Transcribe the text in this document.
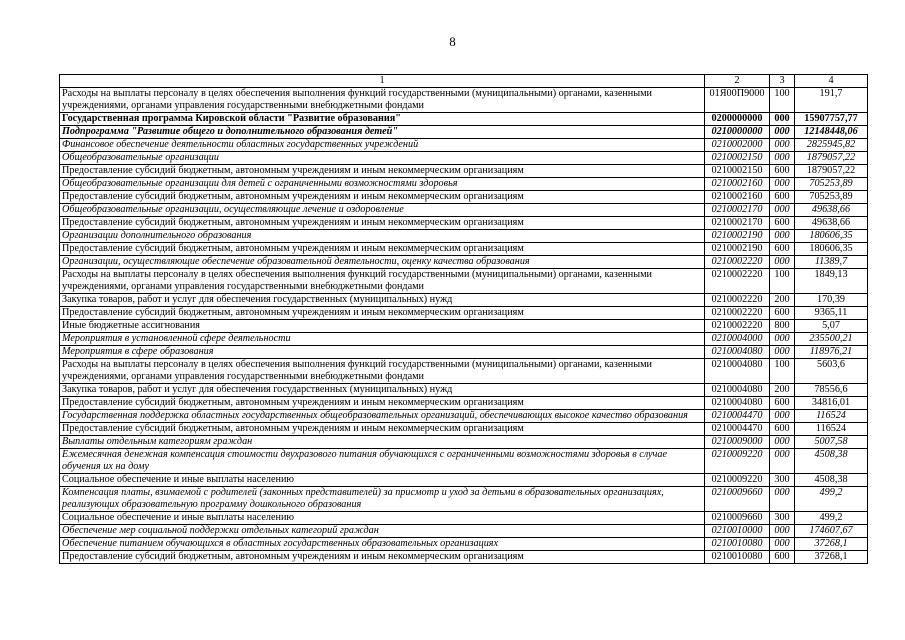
8
1	2	3	4
Расходы на выплаты персоналу в целях обеспечения выполнения функций государственными (муниципальными) органами, казенными учреждениями, органами управления государственными внебюджетными фондами	01Я00П9000	100	191,7
Государственная программа Кировской области "Развитие образования"	0200000000	000	15907757,77
Подпрограмма "Развитие общего и дополнительного образования детей"	0210000000	000	12148448,06
Финансовое обеспечение деятельности областных государственных учреждений	0210002000	000	2825945,82
Общеобразовательные организации	0210002150	000	1879057,22
Предоставление субсидий бюджетным, автономным учреждениям и иным некоммерческим организациям	0210002150	600	1879057,22
Общеобразовательные организации для детей с ограниченными возможностями здоровья	0210002160	000	705253,89
Предоставление субсидий бюджетным, автономным учреждениям и иным некоммерческим организациям	0210002160	600	705253,89
Общеобразовательные организации, осуществляющие лечение и оздоровление	0210002170	000	49638,66
Предоставление субсидий бюджетным, автономным учреждениям и иным некоммерческим организациям	0210002170	600	49638,66
Организации дополнительного образования	0210002190	000	180606,35
Предоставление субсидий бюджетным, автономным учреждениям и иным некоммерческим организациям	0210002190	600	180606,35
Организации, осуществляющие обеспечение образовательной деятельности, оценку качества образования	0210002220	000	11389,7
Расходы на выплаты персоналу в целях обеспечения выполнения функций государственными (муниципальными) органами, казенными учреждениями, органами управления государственными внебюджетными фондами	0210002220	100	1849,13
Закупка товаров, работ и услуг для обеспечения государственных (муниципальных) нужд	0210002220	200	170,39
Предоставление субсидий бюджетным, автономным учреждениям и иным некоммерческим организациям	0210002220	600	9365,11
Иные бюджетные ассигнования	0210002220	800	5,07
Мероприятия в установленной сфере деятельности	0210004000	000	235500,21
Мероприятия в сфере образования	0210004080	000	118976,21
Расходы на выплаты персоналу в целях обеспечения выполнения функций государственными (муниципальными) органами, казенными учреждениями, органами управления государственными внебюджетными фондами	0210004080	100	5603,6
Закупка товаров, работ и услуг для обеспечения государственных (муниципальных) нужд	0210004080	200	78556,6
Предоставление субсидий бюджетным, автономным учреждениям и иным некоммерческим организациям	0210004080	600	34816,01
Государственная поддержка областных государственных общеобразовательных организаций, обеспечивающих высокое качество образования	0210004470	000	116524
Предоставление субсидий бюджетным, автономным учреждениям и иным некоммерческим организациям	0210004470	600	116524
Выплаты отдельным категориям граждан	0210009000	000	5007,58
Ежемесячная денежная компенсация стоимости двухразового питания обучающихся с ограниченными возможностями здоровья в случае обучения их на дому	0210009220	000	4508,38
Социальное обеспечение и иные выплаты населению	0210009220	300	4508,38
Компенсация платы, взимаемой с родителей (законных представителей) за присмотр и уход за детьми в образовательных организациях, реализующих образовательную программу дошкольного образования	0210009660	000	499,2
Социальное обеспечение и иные выплаты населению	0210009660	300	499,2
Обеспечение мер социальной поддержки отдельных категорий граждан	0210010000	000	174607,67
Обеспечение питанием обучающихся в областных государственных образовательных организациях	0210010080	000	37268,1
Предоставление субсидий бюджетным, автономным учреждениям и иным некоммерческим организациям	0210010080	600	37268,1
